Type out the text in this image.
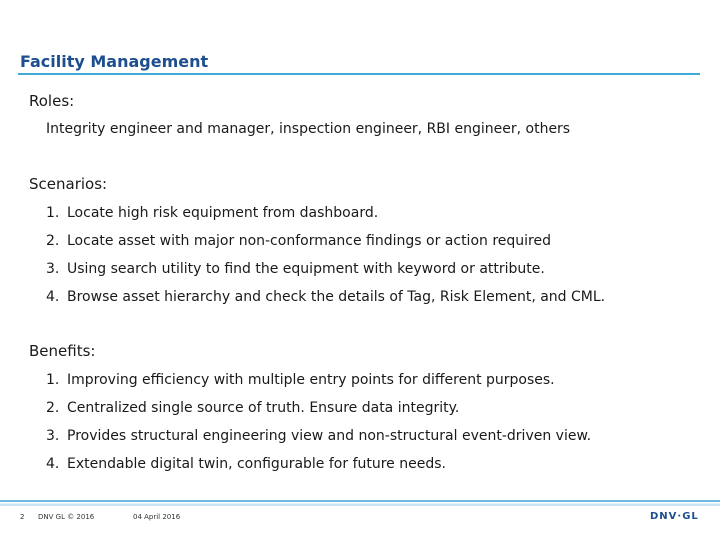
Facility Management
Roles:
Integrity engineer and manager, inspection engineer, RBI engineer, others
Scenarios:
1. Locate high risk equipment from dashboard.
2. Locate asset with major non-conformance findings or action required
3. Using search utility to find the equipment with keyword or attribute.
4. Browse asset hierarchy and check the details of Tag, Risk Element, and CML.
Benefits:
1. Improving efficiency with multiple entry points for different purposes.
2. Centralized single source of truth. Ensure data integrity.
3. Provides structural engineering view and non-structural event-driven view.
4. Extendable digital twin, configurable for future needs.
2 DNV GL © 2016	04 April 2016	DNV·GL
